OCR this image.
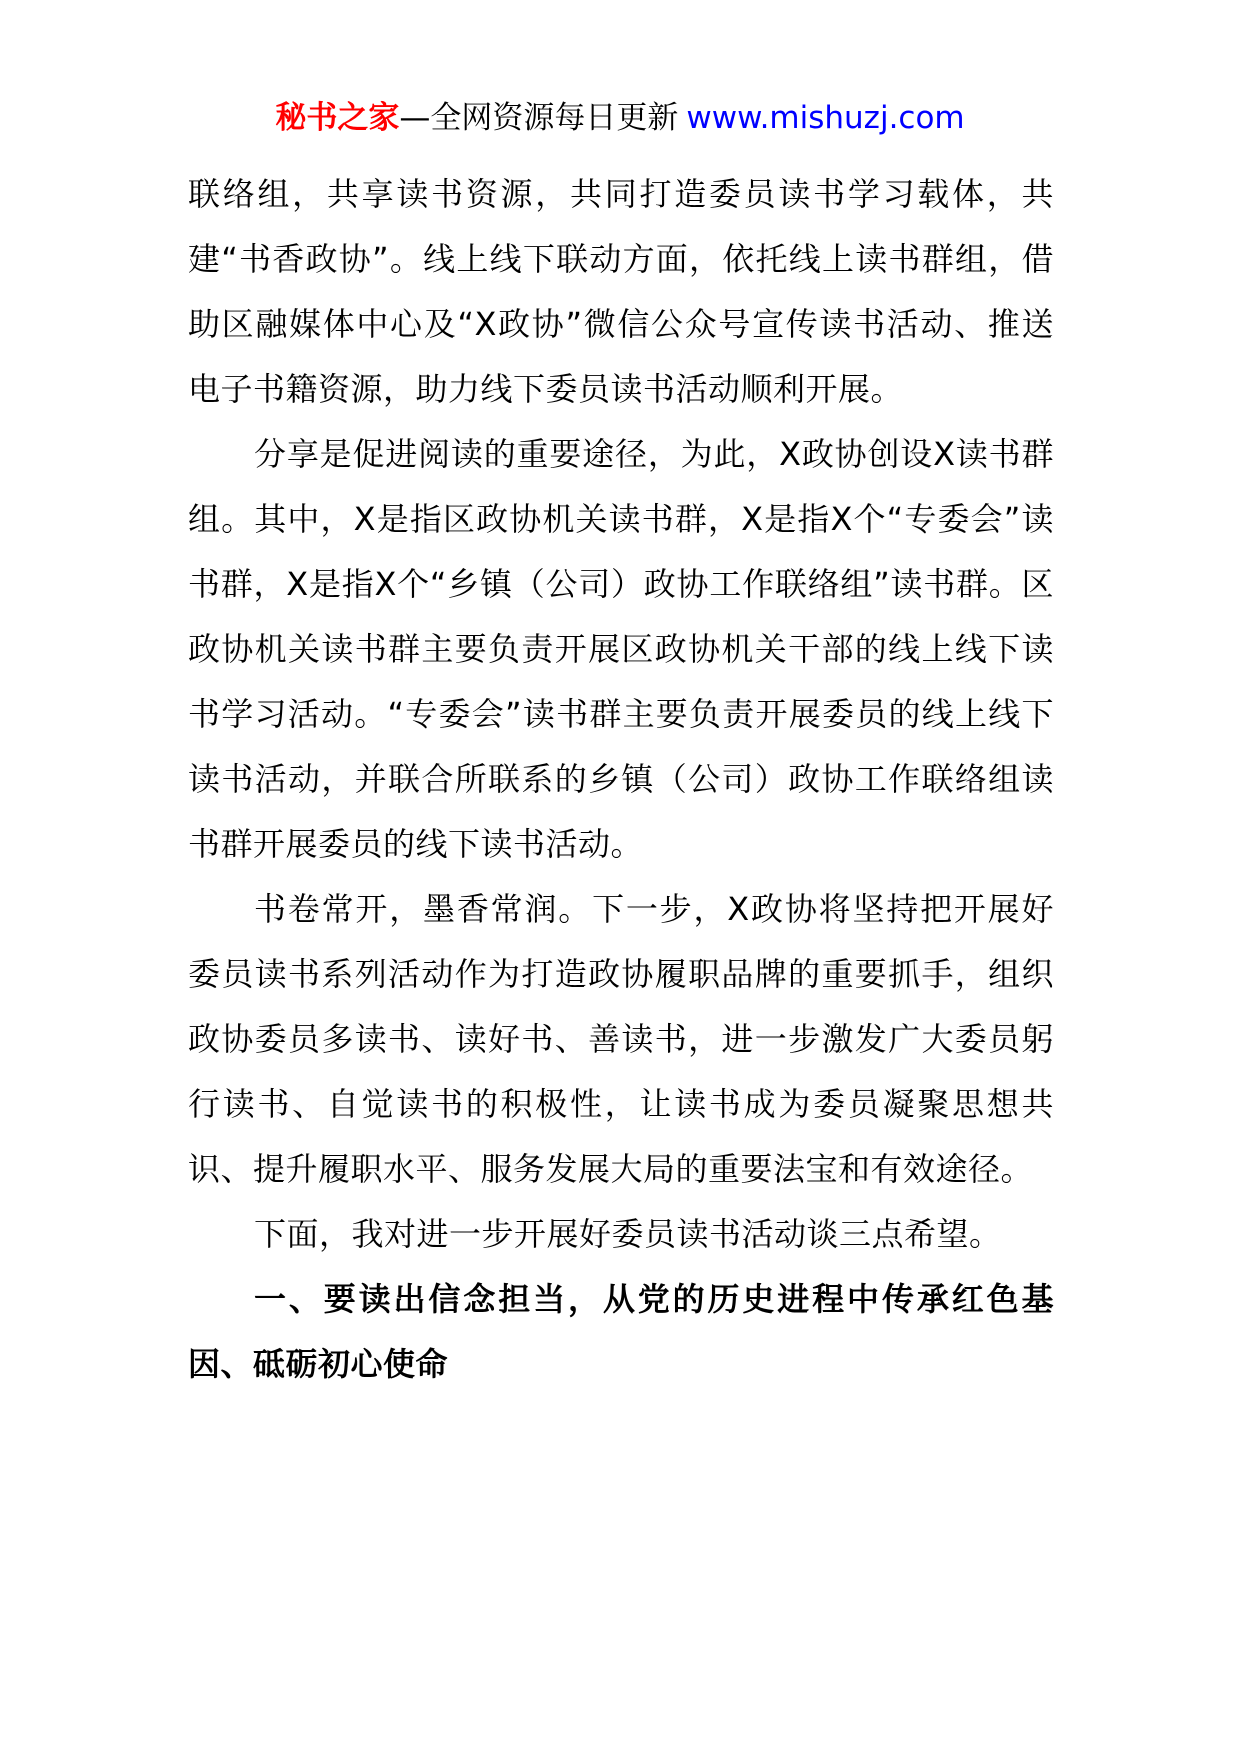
秘书之家—全网资源每日更新 www.mishuzj.com

联络组，共享读书资源，共同打造委员读书学习载体，共建“书香政协”。线上线下联动方面，依托线上读书群组，借助区融媒体中心及“X政协”微信公众号宣传读书活动、推送电子书籍资源，助力线下委员读书活动顺利开展。

分享是促进阅读的重要途径，为此，X政协创设X读书群组。其中，X是指区政协机关读书群，X是指X个“专委会”读书群，X是指X个“乡镇（公司）政协工作联络组”读书群。区政协机关读书群主要负责开展区政协机关干部的线上线下读书学习活动。“专委会”读书群主要负责开展委员的线上线下读书活动，并联合所联系的乡镇（公司）政协工作联络组读书群开展委员的线下读书活动。

书卷常开，墨香常润。下一步，X政协将坚持把开展好委员读书系列活动作为打造政协履职品牌的重要抓手，组织政协委员多读书、读好书、善读书，进一步激发广大委员躬行读书、自觉读书的积极性，让读书成为委员凝聚思想共识、提升履职水平、服务发展大局的重要法宝和有效途径。

下面，我对进一步开展好委员读书活动谈三点希望。

一、要读出信念担当，从党的历史进程中传承红色基因、砥砺初心使命
